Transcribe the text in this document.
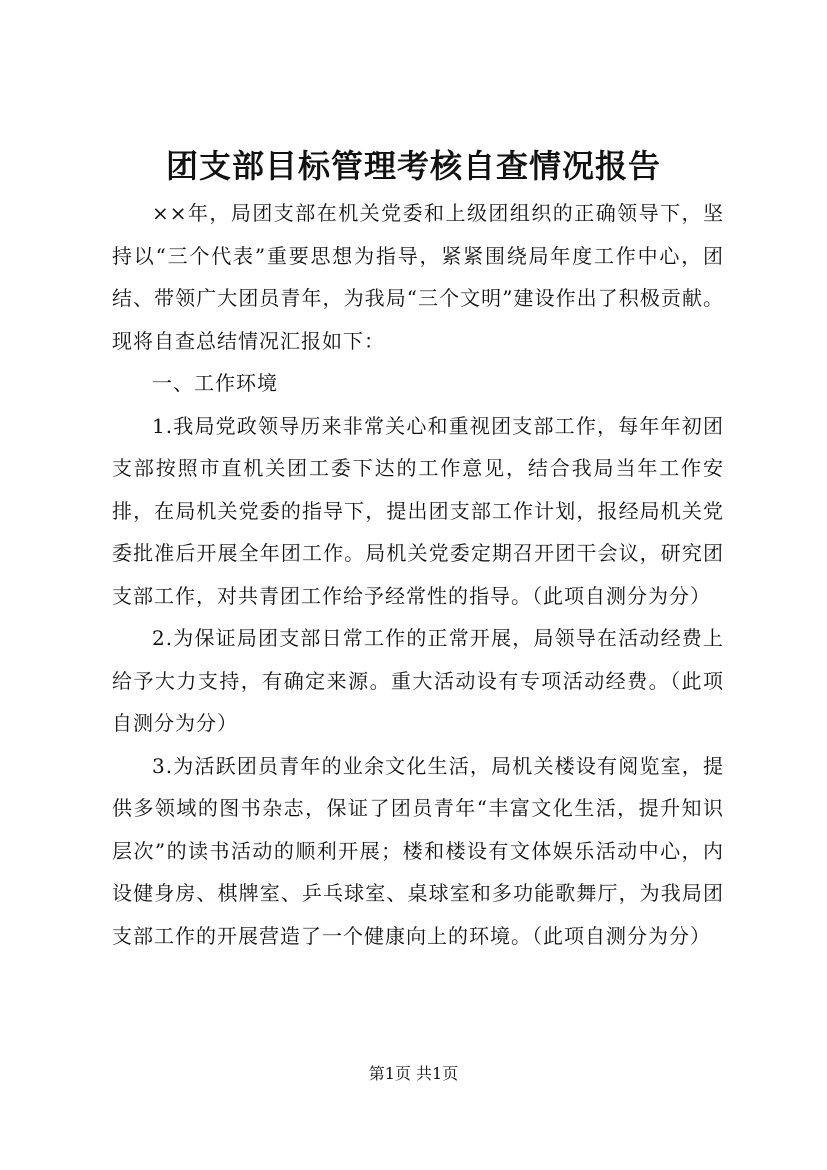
团支部目标管理考核自查情况报告

××年，局团支部在机关党委和上级团组织的正确领导下，坚持以“三个代表”重要思想为指导，紧紧围绕局年度工作中心，团结、带领广大团员青年，为我局“三个文明”建设作出了积极贡献。现将自查总结情况汇报如下：

一、工作环境

1.我局党政领导历来非常关心和重视团支部工作，每年年初团支部按照市直机关团工委下达的工作意见，结合我局当年工作安排，在局机关党委的指导下，提出团支部工作计划，报经局机关党委批准后开展全年团工作。局机关党委定期召开团干会议，研究团支部工作，对共青团工作给予经常性的指导。（此项自测分为分）

2.为保证局团支部日常工作的正常开展，局领导在活动经费上给予大力支持，有确定来源。重大活动设有专项活动经费。（此项自测分为分）

3.为活跃团员青年的业余文化生活，局机关楼设有阅览室，提供多领域的图书杂志，保证了团员青年“丰富文化生活，提升知识层次”的读书活动的顺利开展；楼和楼设有文体娱乐活动中心，内设健身房、棋牌室、乒乓球室、桌球室和多功能歌舞厅，为我局团支部工作的开展营造了一个健康向上的环境。（此项自测分为分）

第1页 共1页
